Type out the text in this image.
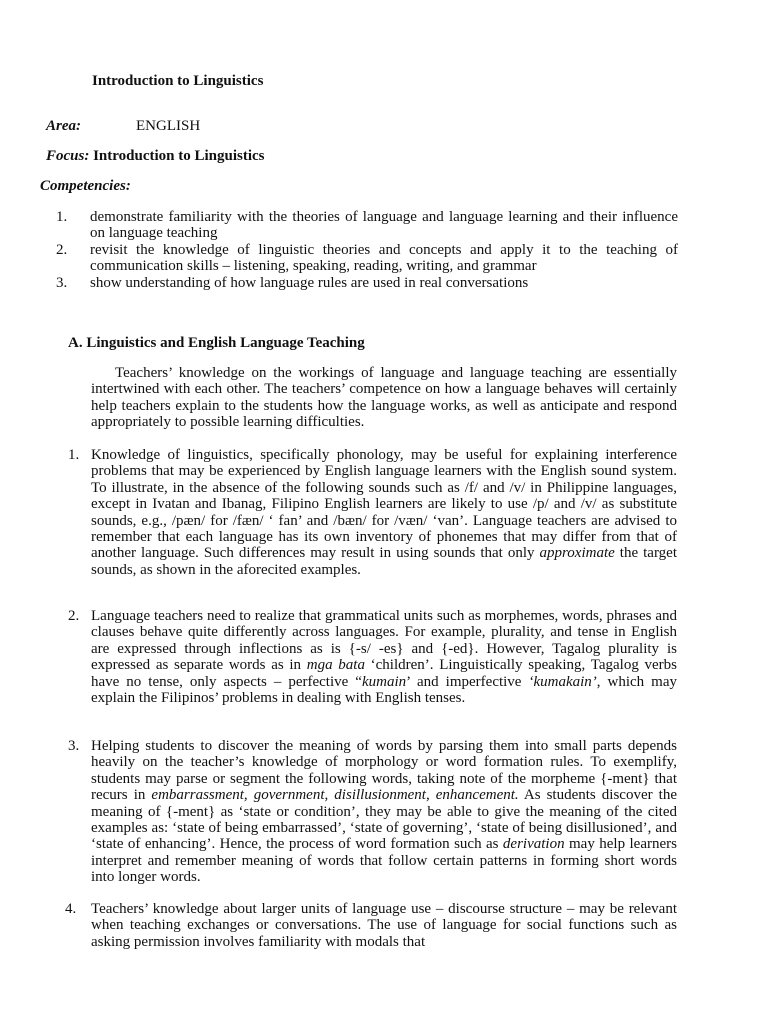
Introduction to Linguistics
Area:	ENGLISH
Focus: Introduction to Linguistics
Competencies:
1. demonstrate familiarity with the theories of language and language learning and their influence on language teaching
2. revisit the knowledge of linguistic theories and concepts and apply it to the teaching of communication skills – listening, speaking, reading, writing, and grammar
3. show understanding of how language rules are used in real conversations
A. Linguistics and English Language Teaching
Teachers’ knowledge on the workings of language and language teaching are essentially intertwined with each other. The teachers’ competence on how a language behaves will certainly help teachers explain to the students how the language works, as well as anticipate and respond appropriately to possible learning difficulties.
1. Knowledge of linguistics, specifically phonology, may be useful for explaining interference problems that may be experienced by English language learners with the English sound system. To illustrate, in the absence of the following sounds such as /f/ and /v/ in Philippine languages, except in Ivatan and Ibanag, Filipino English learners are likely to use /p/ and /v/ as substitute sounds, e.g., /pæn/ for /fæn/ ‘ fan’ and /bæn/ for /væn/ ‘van’. Language teachers are advised to remember that each language has its own inventory of phonemes that may differ from that of another language. Such differences may result in using sounds that only approximate the target sounds, as shown in the aforecited examples.
2. Language teachers need to realize that grammatical units such as morphemes, words, phrases and clauses behave quite differently across languages. For example, plurality, and tense in English are expressed through inflections as is {-s/ -es} and {-ed}. However, Tagalog plurality is expressed as separate words as in mga bata ‘children’. Linguistically speaking, Tagalog verbs have no tense, only aspects – perfective “kumain’ and imperfective ‘kumakain’, which may explain the Filipinos’ problems in dealing with English tenses.
3. Helping students to discover the meaning of words by parsing them into small parts depends heavily on the teacher’s knowledge of morphology or word formation rules. To exemplify, students may parse or segment the following words, taking note of the morpheme {-ment} that recurs in embarrassment, government, disillusionment, enhancement. As students discover the meaning of {-ment} as ‘state or condition’, they may be able to give the meaning of the cited examples as: ‘state of being embarrassed’, ‘state of governing’, ‘state of being disillusioned’, and ‘state of enhancing’. Hence, the process of word formation such as derivation may help learners interpret and remember meaning of words that follow certain patterns in forming short words into longer words.
4. Teachers’ knowledge about larger units of language use – discourse structure – may be relevant when teaching exchanges or conversations. The use of language for social functions such as asking permission involves familiarity with modals that
